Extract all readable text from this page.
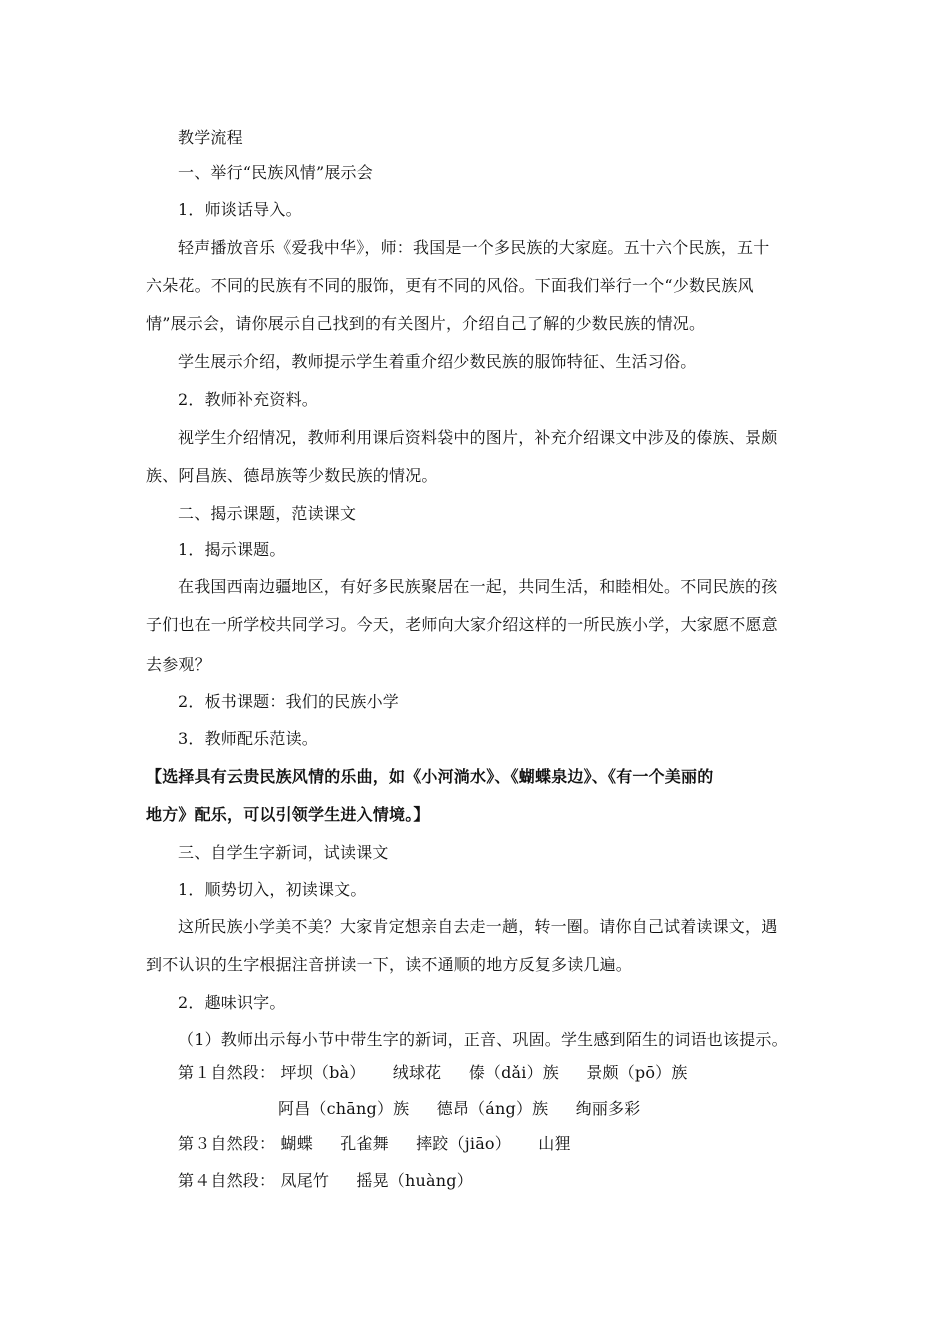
教学流程
一、举行“民族风情”展示会
1．师谈话导入。
轻声播放音乐《爱我中华》，师：我国是一个多民族的大家庭。五十六个民族，五十
六朵花。不同的民族有不同的服饰，更有不同的风俗。下面我们举行一个“少数民族风
情”展示会，请你展示自己找到的有关图片，介绍自己了解的少数民族的情况。
学生展示介绍，教师提示学生着重介绍少数民族的服饰特征、生活习俗。
2．教师补充资料。
视学生介绍情况，教师利用课后资料袋中的图片，补充介绍课文中涉及的傣族、景颇
族、阿昌族、德昂族等少数民族的情况。
二、揭示课题，范读课文
1．揭示课题。
在我国西南边疆地区，有好多民族聚居在一起，共同生活，和睦相处。不同民族的孩
子们也在一所学校共同学习。今天，老师向大家介绍这样的一所民族小学，大家愿不愿意
去参观？
2．板书课题：我们的民族小学
3．教师配乐范读。
【选择具有云贵民族风情的乐曲，如《小河淌水》、《蝴蝶泉边》、《有一个美丽的
地方》配乐，可以引领学生进入情境。】
三、自学生字新词，试读课文
1．顺势切入，初读课文。
这所民族小学美不美？大家肯定想亲自去走一趟，转一圈。请你自己试着读课文，遇
到不认识的生字根据注音拼读一下，读不通顺的地方反复多读几遍。
2．趣味识字。
（1）教师出示每小节中带生字的新词，正音、巩固。学生感到陌生的词语也该提示。
第１自然段： 坪坝（bà） 绒球花 傣（dǎi）族 景颇（pō）族
阿昌（chāng）族 德昂（áng）族 绚丽多彩
第３自然段： 蝴蝶 孔雀舞 摔跤（jiāo） 山狸
第４自然段： 凤尾竹 摇晃（huàng）
